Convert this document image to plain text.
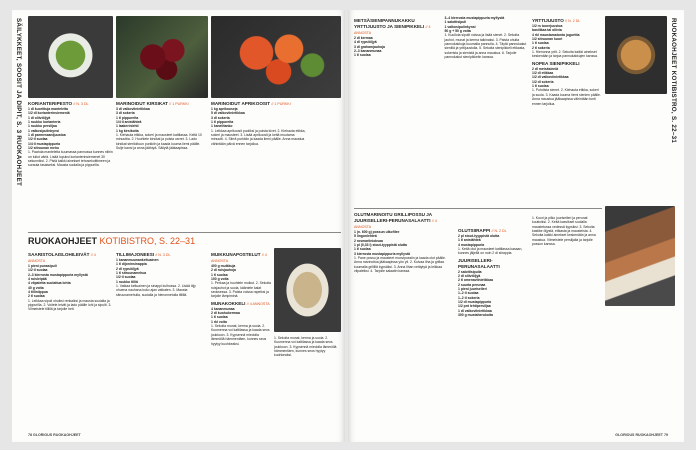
SÄILYKKEET, SOOSIT JA DIPIT, S. 3 RUOKAOHJEET KORIANTERIPESTO // N. 3 DL
1 dl kuorittuja manteleita
1/2 dl korianterinsiemeniä
1 dl oliiviöljyä
1 ruukku korianteria
1 ruukku persiljaa
1 valkosipulinkynsi
1 dl parmesaanijuustoa
1/2 tl suolaa
1/4 tl mustapippuria
1/2 sitruunan mehu

1. Paahda manteleita kuumassa pannussa kunnes niihin on tullut väriä. Lisää lopuksi korianterinsiemenet 30 sekunniksi. 2. Pistä kaikki ainekset tehosekoittimeen ja surauta tasaiseksi. Mausta suolalla ja pippurilla.

MARINOIDUT KIRSIKAT // 1 PURKKI
3 dl valkoviinietikkaa
3 dl sokeria
1 tl pippureita
1/4 tl anistähteä
1 laakerinlehti
1 kg kirsikoita

1. Kiehauta etikka, sokeri ja mausteet kattilassa. Keitä 10 minuuttia. 2. Huuhtele kirsikat ja poista varret. 3. Lado kirsikat steriloituun purkkiin ja kaada kuuma liemi päälle. Sulje kansi ja anna jäähtyä. Säilytä jääkaapissa.

MARINOIDUT APRIKOOSIT // 1 PURKKI
1 kg aprikooseja
5 dl valkoviinietikkaa
3 dl sokeria
1 tl pippureita
1 kanelitanko

1. Leikkaa aprikoosit puoliksi ja poista kivet. 2. Kiehauta etikka, sokeri ja mausteet. 3. Lisää aprikoosit ja keitä muutama minuutti. 4. Siirrä purkkiin ja kaada liemi päälle. Anna maustua vähintään päivä ennen tarjoilua.

RUOKAOHJEET KOTIBISTRO, S. 22–31
SAARISTOLAISLOHILEIVÄT // 4 ANNOSTA
1 pieni punasipuli
1/2 tl suolaa
2–3 kierrosta mustapippuria myllystä
4 ruisleipää
4 viipaletta suolattua lohta
40 g voita
4 tilliniippua
2 tl suolaa

1. Leikkaa sipuli ohuiksi renkaiksi ja mausta suolalla ja pippurilla. 2. Voitele leivät ja lado päälle lohi ja sipulit. 3. Viimeistele tillillä ja tarjoile heti.

TILLIMAJONEESI // N. 3 DL
1 kananmuunankeltuainen
1 tl dijoninsinappia
2 dl rypsiöljyä
1 tl sitruunamehua
1/2 tl suolaa
1 ruukku tilliä

1. Vatkaa keltuainen ja sinappi kulhossa. 2. Lisää öljy ohuena nauhana koko ajan vatkaten. 3. Mausta sitruunamehulla, suolalla ja hienonnetulla tillillä.

MUIKKUNAPOSTELUT // 4 ANNOSTA
400 g muikkuja
2 dl ruisjauhoja
1 tl suolaa
100 g voita

1. Perkaa ja huuhtele muikut. 2. Sekoita ruisjauhot ja suola, kääntele kalat seoksessa. 3. Paista voissa rapeiksi ja tarjoile lämpiminä.

MUNAKOKKELI // 4 ANNOSTA
4 kananmunaa
2 dl kuohukermaa
1 tl suolaa
1 rkl voita

1. Sekoita munat, kerma ja suola. 2. Kuumenna voi kattilassa ja kaada seos joukkoon. 3. Kypsennä miedolla lämmöllä hämmentäen, kunnes seos hyytyy kuohkeaksi.

1. Sekoita munat, kerma ja suola. 2. Kuumenna voi kattilassa ja kaada seos joukkoon. 3. Kypsennä miedolla lämmöllä hämmentäen, kunnes seos hyytyy kuohkeaksi.

78 GLORIOUS RUOKAOHJEET
METSÄSIENIPANNUKAKKU YRTTIJUUSTO JA SIENIPIKKELI // 4 ANNOSTA
2 dl kermaa
4 dl rypsiöljyä
3 dl grahamjauhoja
2–3 kananmunaa
1 tl suolaa
3–4 kierrosta mustapippuria myllystä
1 salottisipuli
1 valkosipulinkynsi
50 g + 50 g voita

1. Kuullota sipulit voissa ja lisää sienet. 2. Sekoita jauhot, munat ja kerma taikinaksi. 3. Paista ohuita pannukakkuja kuumalla pannulla. 4. Täytä pannukakut sienillä ja yrttijuustolla. 5. Sekoita sienipikkeli etikasta, sokerista ja sienistä ja anna maustua. 6. Tarjoile pannukakut sienipikkelin kanssa.

YRTTIJUUSTO // N. 2 DL
1/2 rs tuorejuustoa
basilikaa tai oliivia
4 rkl maustamatonta jogurttia
1/2 sitruunan kuori
1 tl suolaa
2 tl sokeria

1. Hienonna yrtit. 2. Sekoita kaikki ainekset keskenään ja tarjoa pannukakkujen kanssa.

NOPEA SIENIPIKKELI
2 dl metsäsieniä
1/2 dl etikkaa
1/2 dl valkoviinietikkaa
1/2 dl sokeria
1 tl suolaa

1. Puhdista sienet. 2. Kiehauta etikka, sokeri ja suola. 3. Kaada kuuma liemi sienien päälle. Anna maustua jääkaapissa vähintään tunti ennen tarjoilua.	RUOKAOHJEET KOTIBISTRO, S. 22–31
OLUTMARINOITU GRILLIPOSSU JA JUURISELLERI-PERUNASALAATTI // 4 ANNOSTA
1 (n. 600 g) possun ulkofilee
5 lingonlehteä
2 rosmariinioksaa
1 pl (0,33 l) stout-tyyppistä olutta
1 tl suolaa
3 kierrosta mustapippuria myllystä

1. Pane possu ja mausteet muovipussiin ja kaada olut päälle. Anna marinoitua jääkaapissa yön yli. 2. Kuivaa liha ja grillaa kuumalla grillillä kypsäksi. 3. Anna lihan vetäytyä ja leikkaa viipaleiksi. 4. Tarjoile salaatin kanssa.

OLUTSIIRAPPI // N. 2 DL
2 pl stout-tyyppistä olutta
1 tl anistähteä
4 mustapippuria

1. Keitä olut ja mausteet kattilassa kasaan, kunnes jäljellä on noin 2 dl siirappia.

JUURISELLERI-PERUNASALAATTI
2 salottisipulia
2 dl oliiviöljyä
2 tl omenaviinietikkaa
2 suurta perunaa
1 pieni juuriselleri
1–2 tl suolaa
1–2 tl sokeria
1/2 dl mustapippuria
1/2 pnt lehtipersiljaa
1 dl valkoviinietikkaa
300 g mustaherukoita

1. Kuori ja pilko juuriselleri ja perunat kuutioiksi. 2. Keitä kasvikset suolalla maustetussa vedessä kypsiksi. 3. Sekoita kastike öljystä, etikasta ja mausteista. 4. Sekoita kaikki ainekset keskenään ja anna maustua. Viimeistele persiljalla ja tarjoile possun kanssa.

GLORIOUS RUOKAOHJEET 79
